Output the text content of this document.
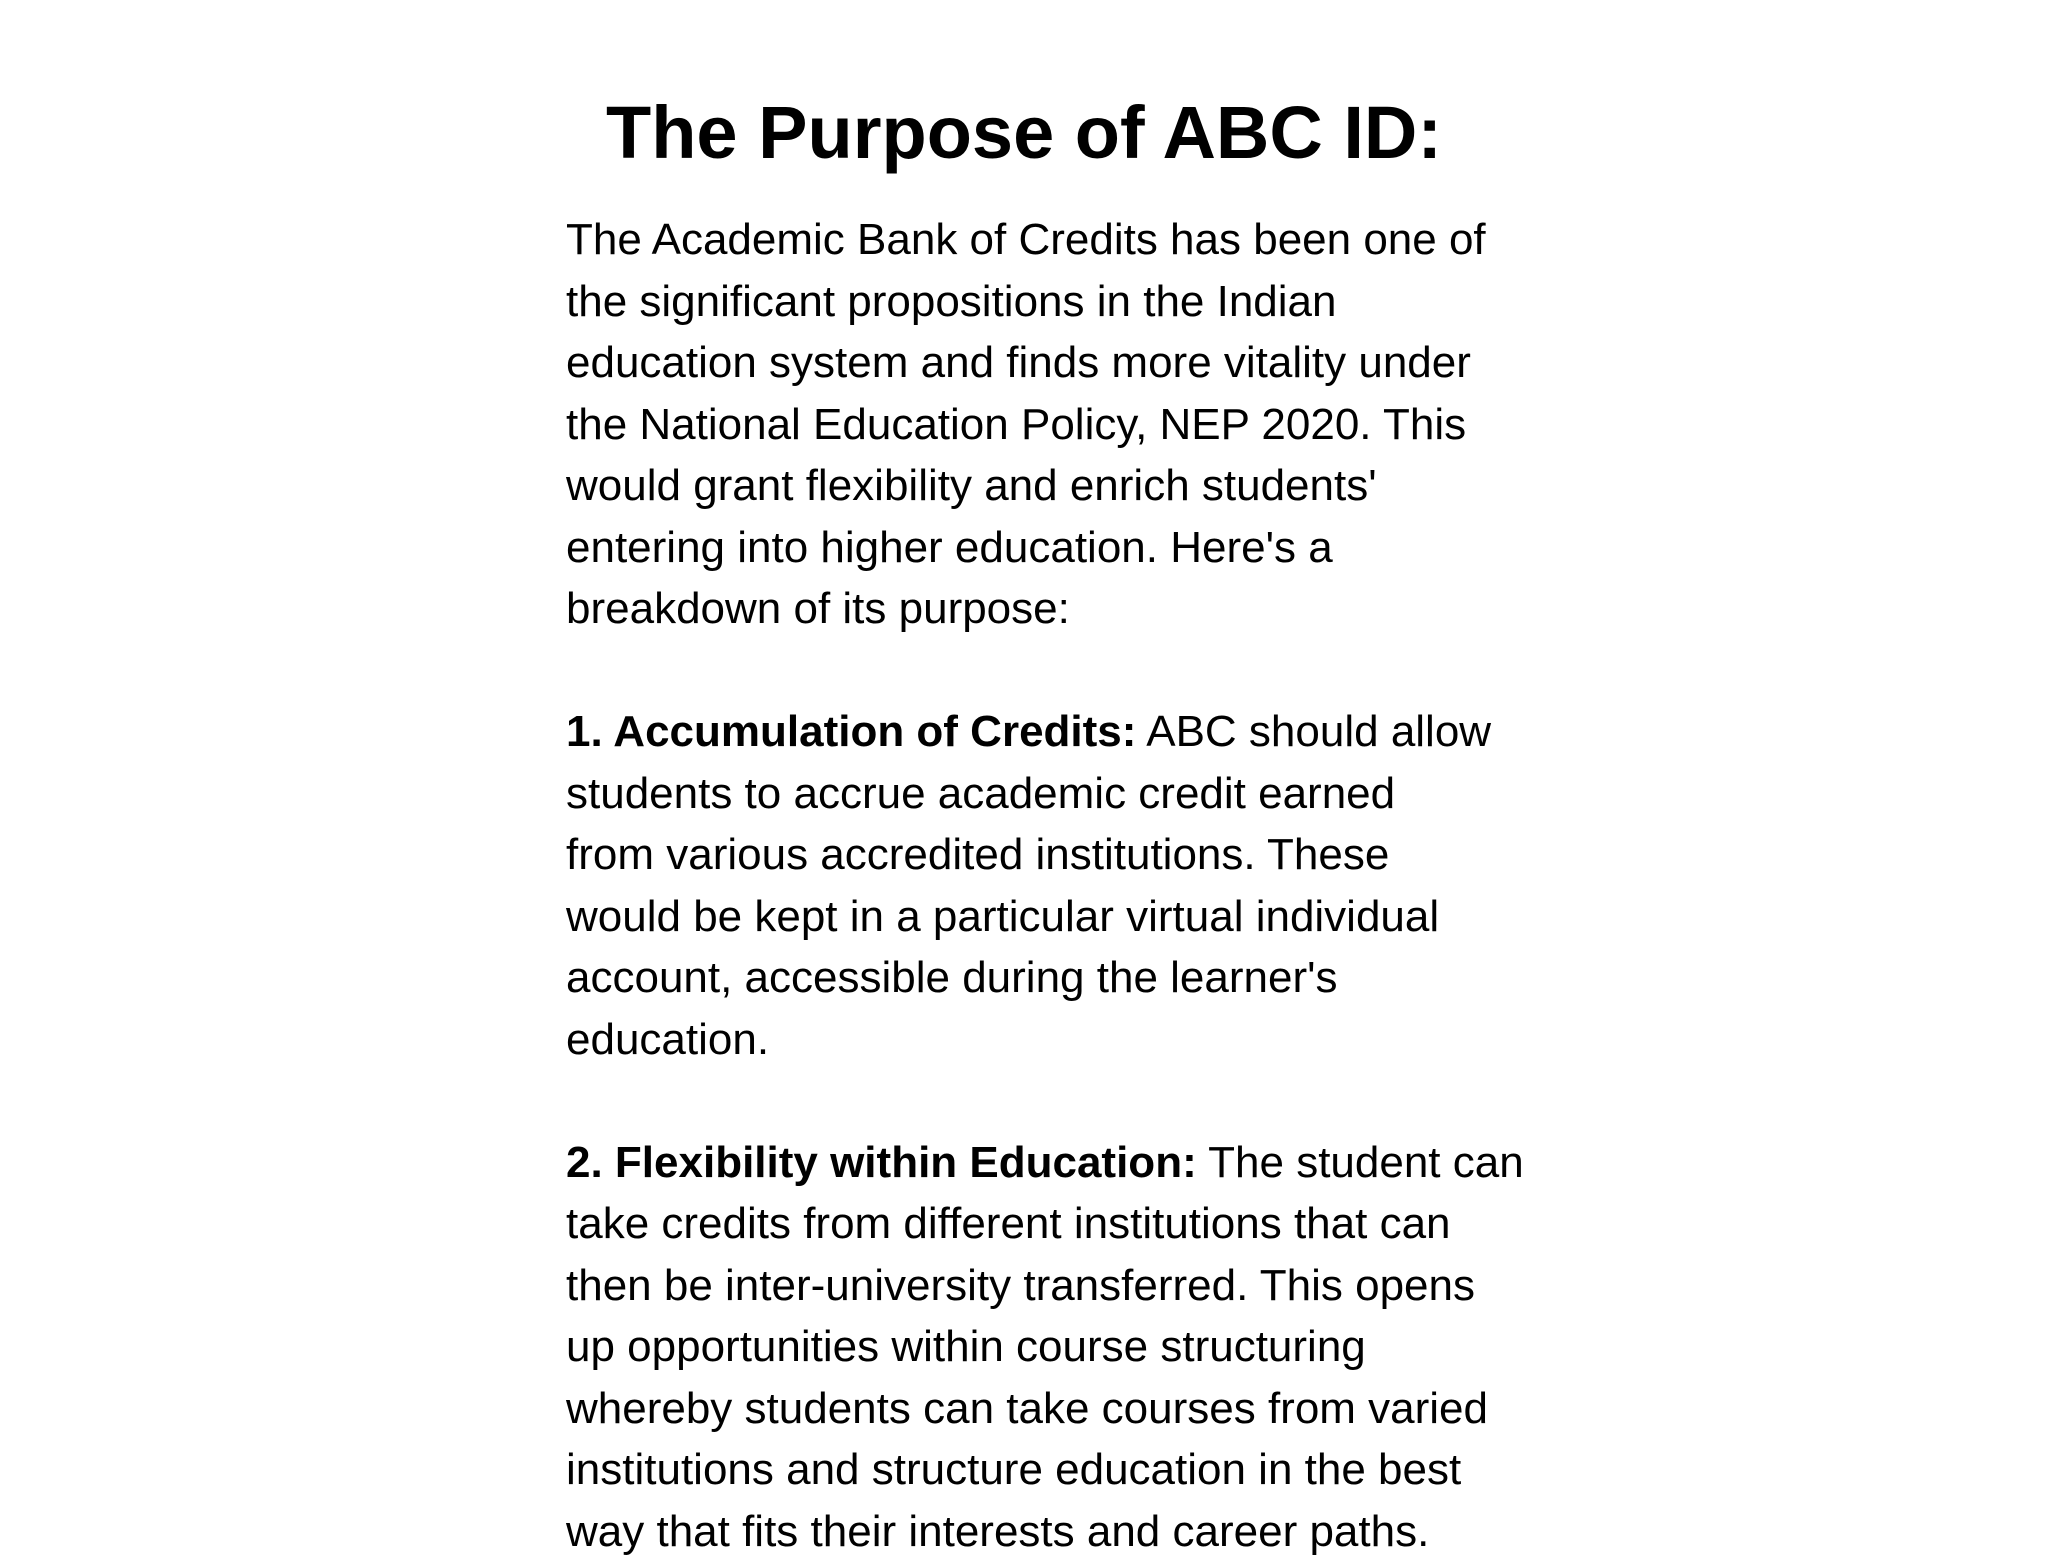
The Purpose of ABC ID:
The Academic Bank of Credits has been one of
the significant propositions in the Indian
education system and finds more vitality under
the National Education Policy, NEP 2020. This
would grant flexibility and enrich students'
entering into higher education. Here's a
breakdown of its purpose:
1. Accumulation of Credits: ABC should allow
students to accrue academic credit earned
from various accredited institutions. These
would be kept in a particular virtual individual
account, accessible during the learner's
education.
2. Flexibility within Education: The student can
take credits from different institutions that can
then be inter-university transferred. This opens
up opportunities within course structuring
whereby students can take courses from varied
institutions and structure education in the best
way that fits their interests and career paths.
